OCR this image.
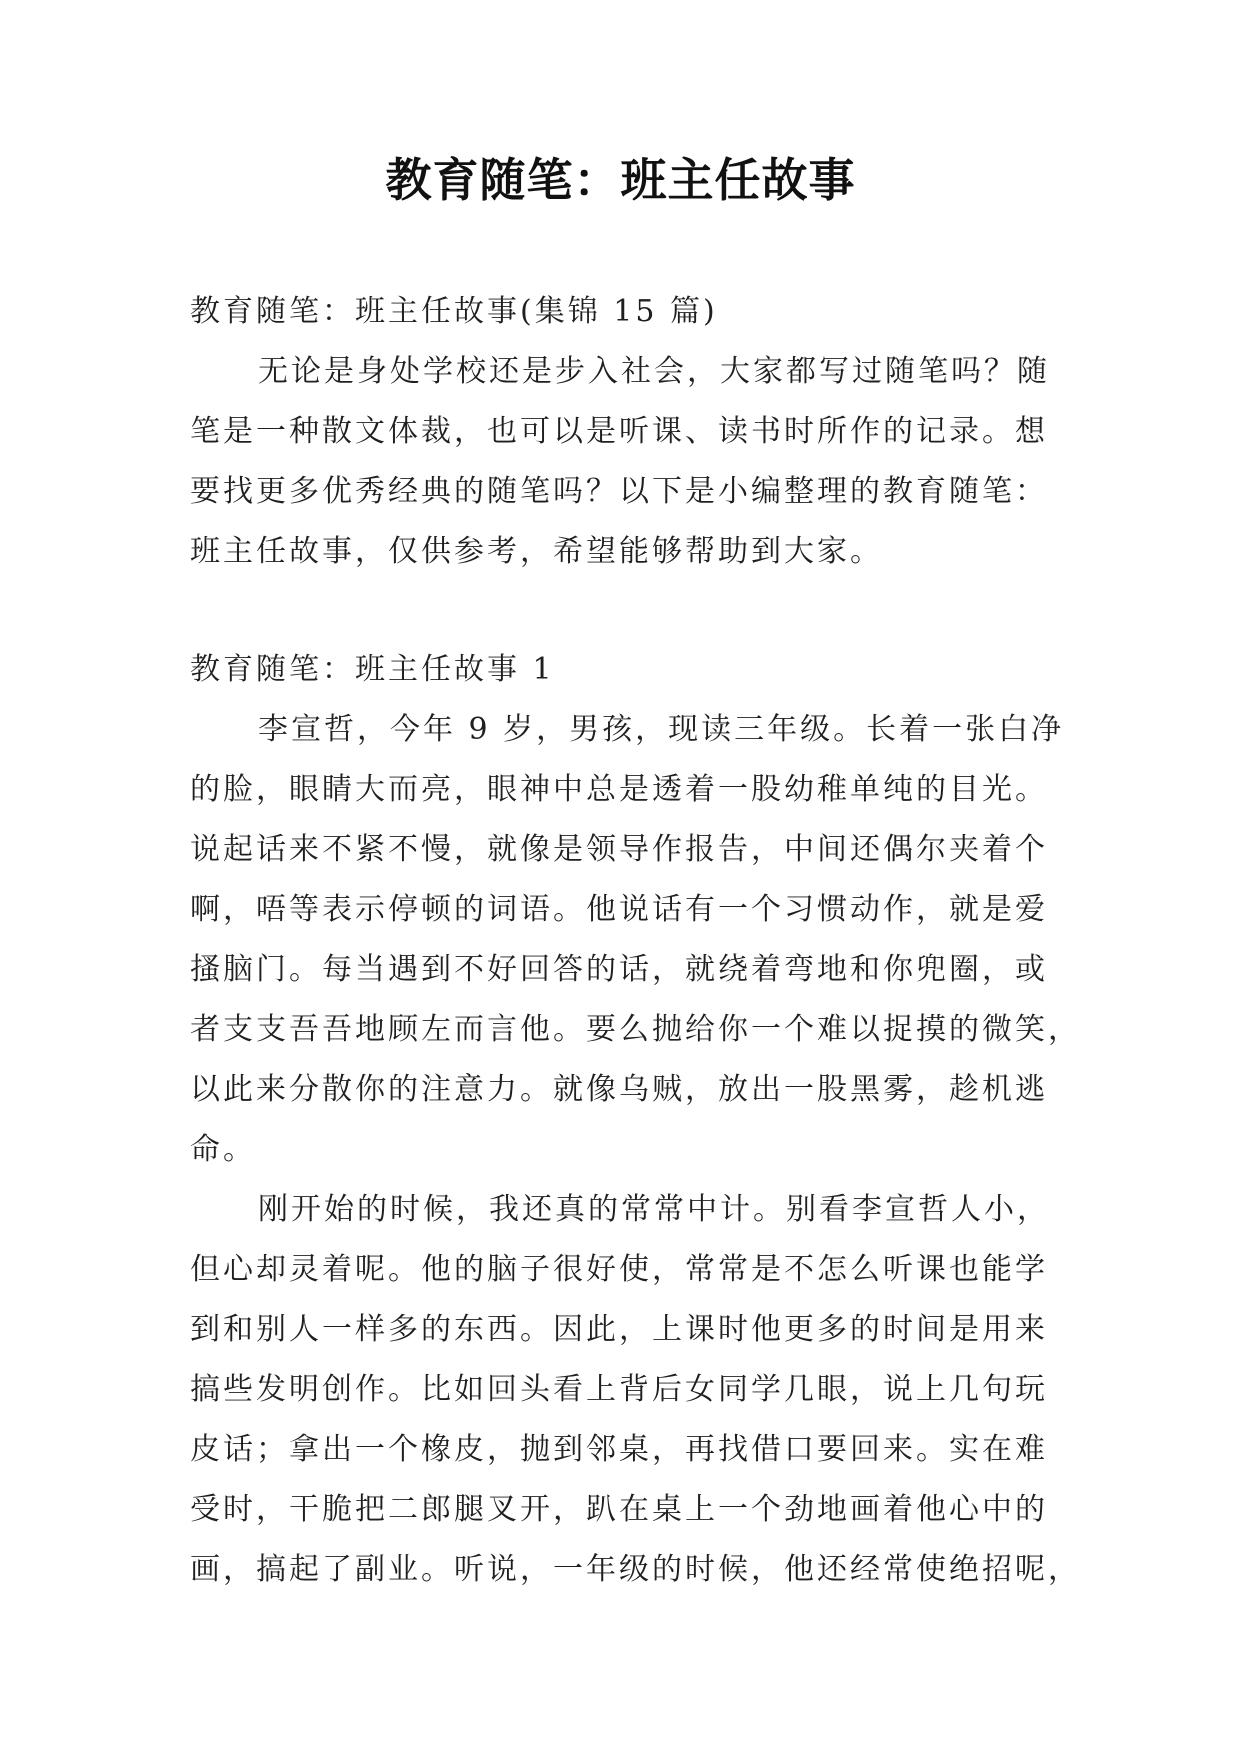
教育随笔：班主任故事
教育随笔：班主任故事(集锦 15 篇)
无论是身处学校还是步入社会，大家都写过随笔吗？随
笔是一种散文体裁，也可以是听课、读书时所作的记录。想
要找更多优秀经典的随笔吗？以下是小编整理的教育随笔：
班主任故事，仅供参考，希望能够帮助到大家。
教育随笔：班主任故事 1
李宣哲，今年 9 岁，男孩，现读三年级。长着一张白净
的脸，眼睛大而亮，眼神中总是透着一股幼稚单纯的目光。
说起话来不紧不慢，就像是领导作报告，中间还偶尔夹着个
啊，唔等表示停顿的词语。他说话有一个习惯动作，就是爱
搔脑门。每当遇到不好回答的话，就绕着弯地和你兜圈，或
者支支吾吾地顾左而言他。要么抛给你一个难以捉摸的微笑，
以此来分散你的注意力。就像乌贼，放出一股黑雾，趁机逃
命。
刚开始的时候，我还真的常常中计。别看李宣哲人小，
但心却灵着呢。他的脑子很好使，常常是不怎么听课也能学
到和别人一样多的东西。因此，上课时他更多的时间是用来
搞些发明创作。比如回头看上背后女同学几眼，说上几句玩
皮话；拿出一个橡皮，抛到邻桌，再找借口要回来。实在难
受时，干脆把二郎腿叉开，趴在桌上一个劲地画着他心中的
画，搞起了副业。听说，一年级的时候，他还经常使绝招呢，
